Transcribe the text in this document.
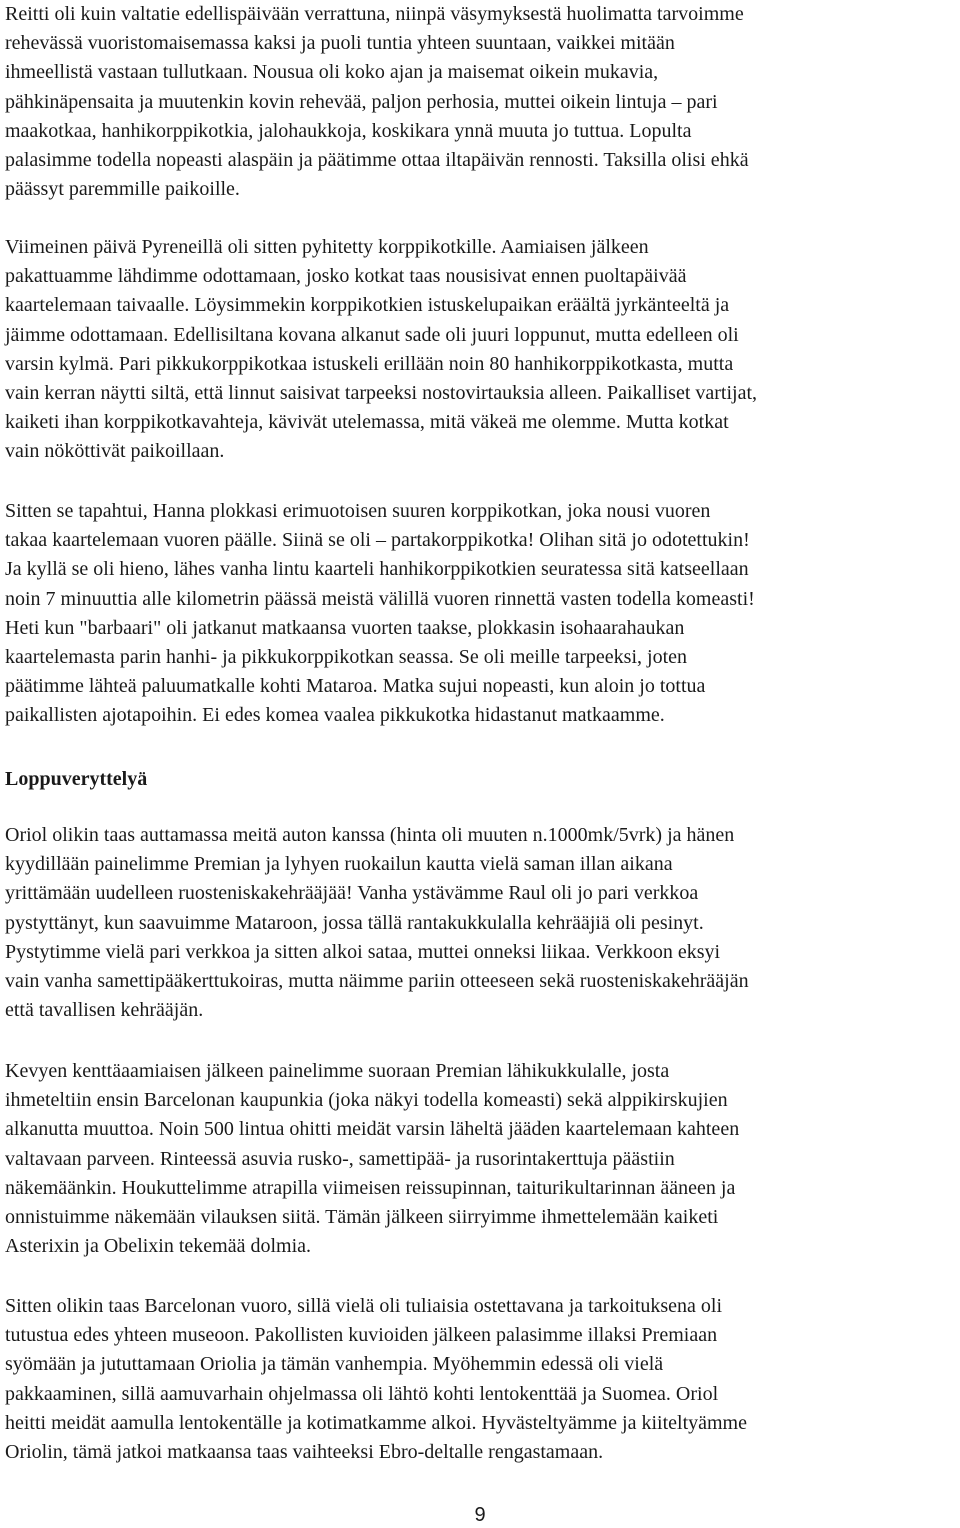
Reitti oli kuin valtatie edellispäivään verrattuna, niinpä väsymyksestä huolimatta tarvoimme
rehevässä vuoristomaisemassa kaksi ja puoli tuntia yhteen suuntaan, vaikkei mitään
ihmeellistä vastaan tullutkaan. Nousua oli koko ajan ja maisemat oikein mukavia,
pähkinäpensaita ja muutenkin kovin rehevää, paljon perhosia, muttei oikein lintuja – pari
maakotkaa, hanhikorppikotkia, jalohaukkoja, koskikara ynnä muuta jo tuttua. Lopulta
palasimme todella nopeasti alaspäin ja päätimme ottaa iltapäivän rennosti. Taksilla olisi ehkä
päässyt paremmille paikoille.

Viimeinen päivä Pyreneillä oli sitten pyhitetty korppikotkille. Aamiaisen jälkeen
pakattuamme lähdimme odottamaan, josko kotkat taas nousisivat ennen puoltapäivää
kaartelemaan taivaalle. Löysimmekin korppikotkien istuskelupaikan eräältä jyrkänteeltä ja
jäimme odottamaan. Edellisiltana kovana alkanut sade oli juuri loppunut, mutta edelleen oli
varsin kylmä. Pari pikkukorppikotkaa istuskeli erillään noin 80 hanhikorppikotkasta, mutta
vain kerran näytti siltä, että linnut saisivat tarpeeksi nostovirtauksia alleen. Paikalliset vartijat,
kaiketi ihan korppikotkavahteja, kävivät utelemassa, mitä väkeä me olemme. Mutta kotkat
vain nököttivät paikoillaan.

Sitten se tapahtui, Hanna plokkasi erimuotoisen suuren korppikotkan, joka nousi vuoren
takaa kaartelemaan vuoren päälle. Siinä se oli – partakorppikotka! Olihan sitä jo odotettukin!
Ja kyllä se oli hieno, lähes vanha lintu kaarteli hanhikorppikotkien seuratessa sitä katseellaan
noin 7 minuuttia alle kilometrin päässä meistä välillä vuoren rinnettä vasten todella komeasti!
Heti kun "barbaari" oli jatkanut matkaansa vuorten taakse, plokkasin isohaarahaukan
kaartelemasta parin hanhi- ja pikkukorppikotkan seassa. Se oli meille tarpeeksi, joten
päätimme lähteä paluumatkalle kohti Mataroa. Matka sujui nopeasti, kun aloin jo tottua
paikallisten ajotapoihin. Ei edes komea vaalea pikkukotka hidastanut matkaamme.

Loppuveryttelyä

Oriol olikin taas auttamassa meitä auton kanssa (hinta oli muuten n.1000mk/5vrk) ja hänen
kyydillään painelimme Premian ja lyhyen ruokailun kautta vielä saman illan aikana
yrittämään uudelleen ruosteniskakehrääjää! Vanha ystävämme Raul oli jo pari verkkoa
pystyttänyt, kun saavuimme Mataroon, jossa tällä rantakukkulalla kehrääjiä oli pesinyt.
Pystytimme vielä pari verkkoa ja sitten alkoi sataa, muttei onneksi liikaa. Verkkoon eksyi
vain vanha samettipääkerttukoiras, mutta näimme pariin otteeseen sekä ruosteniskakehrääjän
että tavallisen kehrääjän.

Kevyen kenttäaamiaisen jälkeen painelimme suoraan Premian lähikukkulalle, josta
ihmeteltiin ensin Barcelonan kaupunkia (joka näkyi todella komeasti) sekä alppikirskujien
alkanutta muuttoa. Noin 500 lintua ohitti meidät varsin läheltä jääden kaartelemaan kahteen
valtavaan parveen. Rinteessä asuvia rusko-, samettipää- ja rusorintakerttuja päästiin
näkemäänkin. Houkuttelimme atrapilla viimeisen reissupinnan, taiturikultarinnan ääneen ja
onnistuimme näkemään vilauksen siitä. Tämän jälkeen siirryimme ihmettelemään kaiketi
Asterixin ja Obelixin tekemää dolmia.

Sitten olikin taas Barcelonan vuoro, sillä vielä oli tuliaisia ostettavana ja tarkoituksena oli
tutustua edes yhteen museoon. Pakollisten kuvioiden jälkeen palasimme illaksi Premiaan
syömään ja jututtamaan Oriolia ja tämän vanhempia. Myöhemmin edessä oli vielä
pakkaaminen, sillä aamuvarhain ohjelmassa oli lähtö kohti lentokenttää ja Suomea. Oriol
heitti meidät aamulla lentokentälle ja kotimatkamme alkoi. Hyvästeltyämme ja kiiteltyämme
Oriolin, tämä jatkoi matkaansa taas vaihteeksi Ebro-deltalle rengastamaan.

9
